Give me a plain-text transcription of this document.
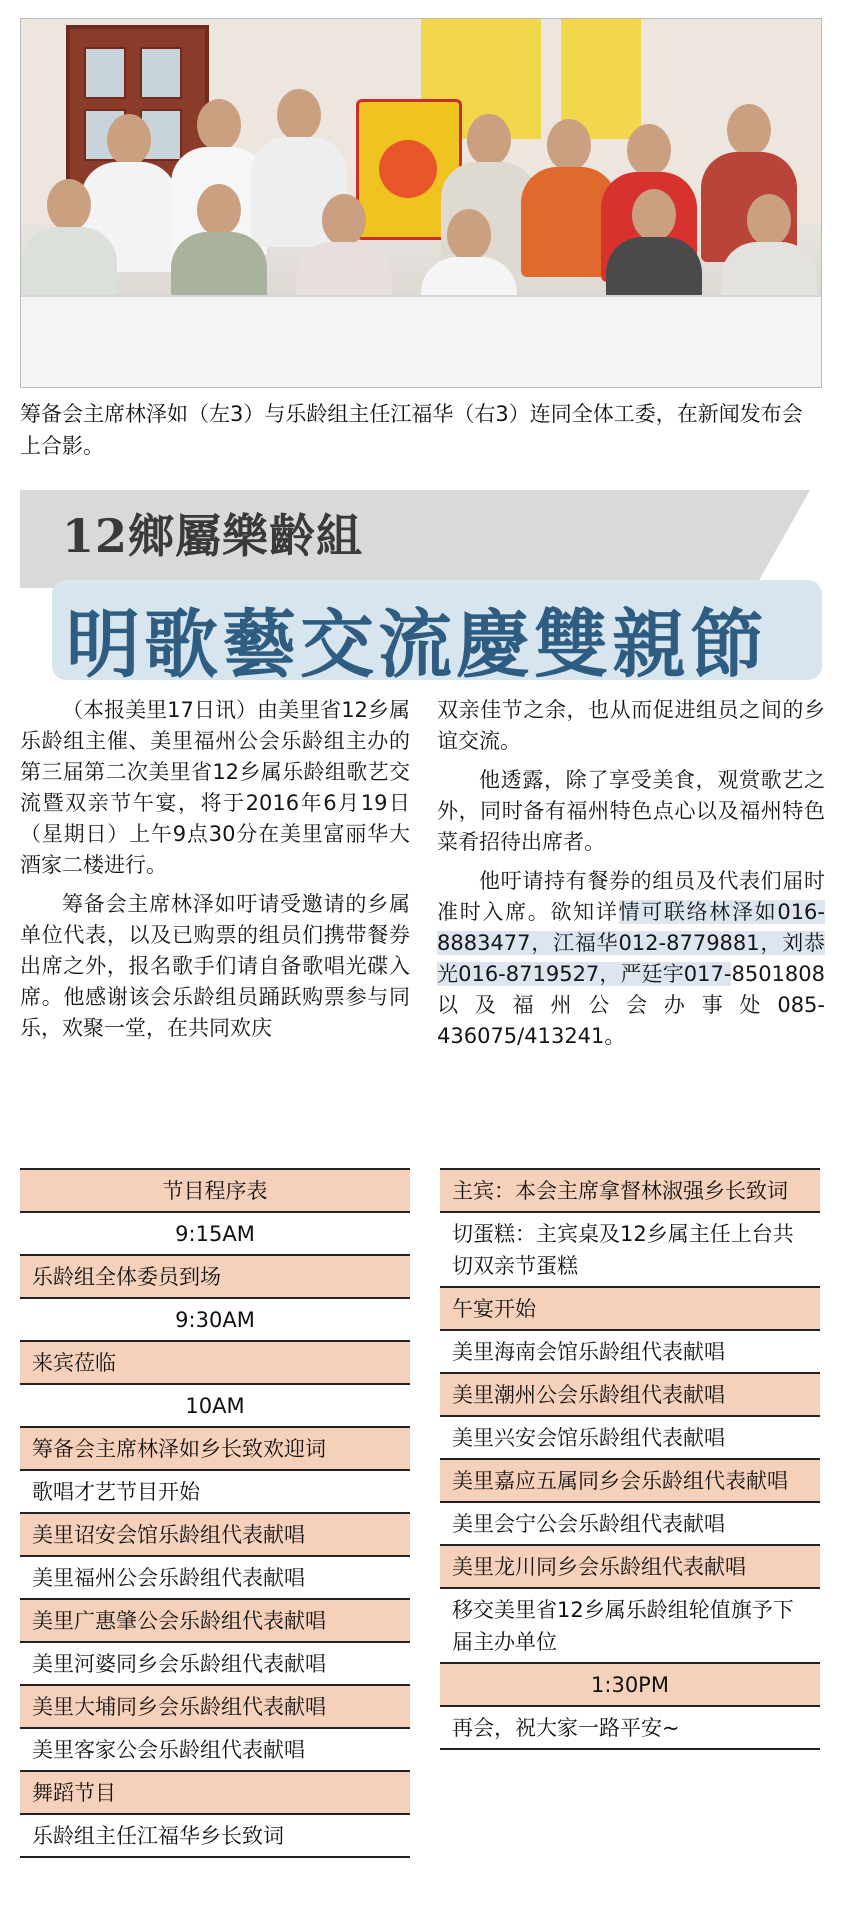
筹备会主席林泽如（左3）与乐龄组主任江福华（右3）连同全体工委，在新闻发布会上合影。
12鄉屬樂齡組
明歌藝交流慶雙親節

（本报美里17日讯）由美里省12乡属乐龄组主催、美里福州公会乐龄组主办的第三届第二次美里省12乡属乐龄组歌艺交流暨双亲节午宴，将于2016年6月19日（星期日）上午9点30分在美里富丽华大酒家二楼进行。

筹备会主席林泽如吁请受邀请的乡属单位代表，以及已购票的组员们携带餐券出席之外，报名歌手们请自备歌唱光碟入席。他感谢该会乐龄组员踊跃购票参与同乐，欢聚一堂，在共同欢庆

双亲佳节之余，也从而促进组员之间的乡谊交流。

他透露，除了享受美食，观赏歌艺之外，同时备有福州特色点心以及福州特色菜肴招待出席者。

他吁请持有餐券的组员及代表们届时准时入席。欲知详情可联络林泽如016-8883477，江福华012-8779881，刘恭光016-8719527，严廷宇017-8501808以及福州公会办事处085-436075/413241。

节目程序表
9:15AM
乐龄组全体委员到场
9:30AM
来宾莅临
10AM
筹备会主席林泽如乡长致欢迎词
歌唱才艺节目开始
美里诏安会馆乐龄组代表献唱
美里福州公会乐龄组代表献唱
美里广惠肇公会乐龄组代表献唱
美里河婆同乡会乐龄组代表献唱
美里大埔同乡会乐龄组代表献唱
美里客家公会乐龄组代表献唱
舞蹈节目
乐龄组主任江福华乡长致词
主宾：本会主席拿督林淑强乡长致词
切蛋糕：主宾桌及12乡属主任上台共切双亲节蛋糕
午宴开始
美里海南会馆乐龄组代表献唱
美里潮州公会乐龄组代表献唱
美里兴安会馆乐龄组代表献唱
美里嘉应五属同乡会乐龄组代表献唱
美里会宁公会乐龄组代表献唱
美里龙川同乡会乐龄组代表献唱
移交美里省12乡属乐龄组轮值旗予下届主办单位
1:30PM
再会，祝大家一路平安~
